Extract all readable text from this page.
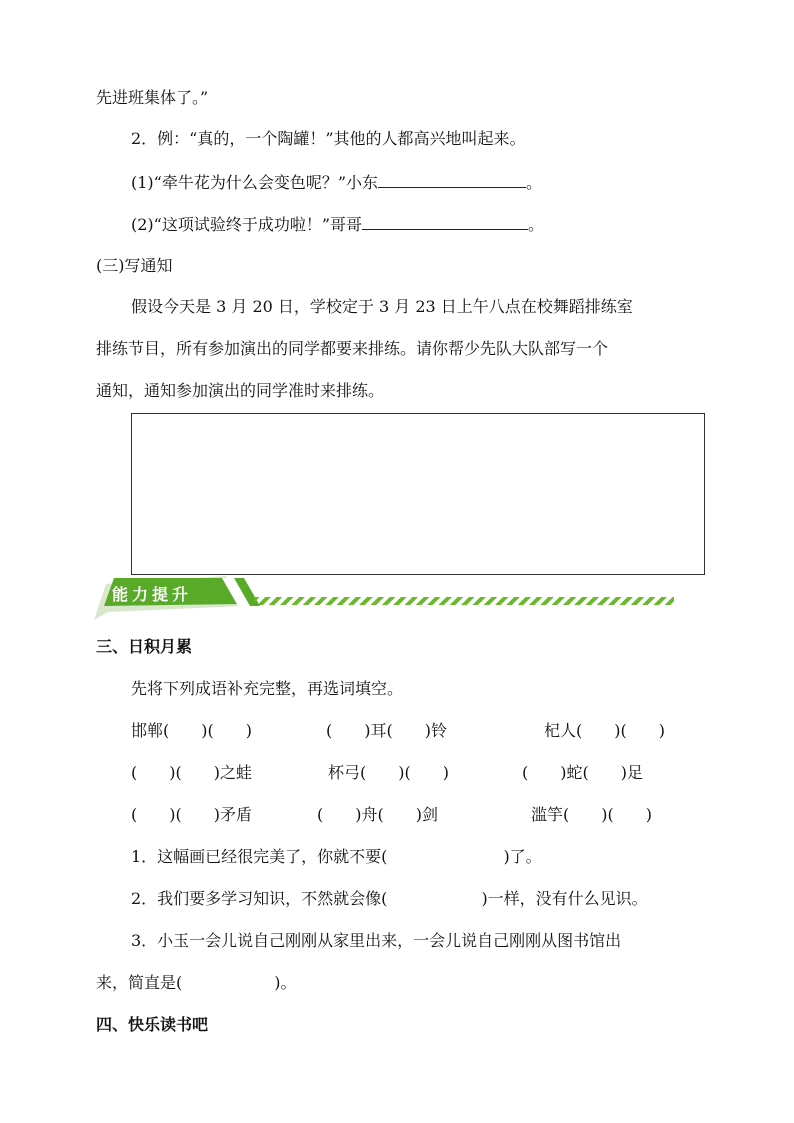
先进班集体了。”
2．例：“真的，一个陶罐！”其他的人都高兴地叫起来。
(1)“牵牛花为什么会变色呢？”小东	。
(2)“这项试验终于成功啦！”哥哥	。
(三)写通知
假设今天是 3 月 20 日，学校定于 3 月 23 日上午八点在校舞蹈排练室
排练节目，所有参加演出的同学都要来排练。请你帮少先队大队部写一个
通知，通知参加演出的同学准时来排练。
能力提升
三、日积月累
先将下列成语补充完整，再选词填空。
邯郸(　　)(　　)	(　　)耳(　　)铃	杞人(　　)(　　)
(　　)(　　)之蛙	杯弓(　　)(　　)	(　　)蛇(　　)足
(　　)(　　)矛盾	(　　)舟(　　)剑	滥竽(　　)(　　)
1．这幅画已经很完美了，你就不要(	)了。
2．我们要多学习知识，不然就会像(	)一样，没有什么见识。
3．小玉一会儿说自己刚刚从家里出来，一会儿说自己刚刚从图书馆出
来，简直是(	)。
四、快乐读书吧
